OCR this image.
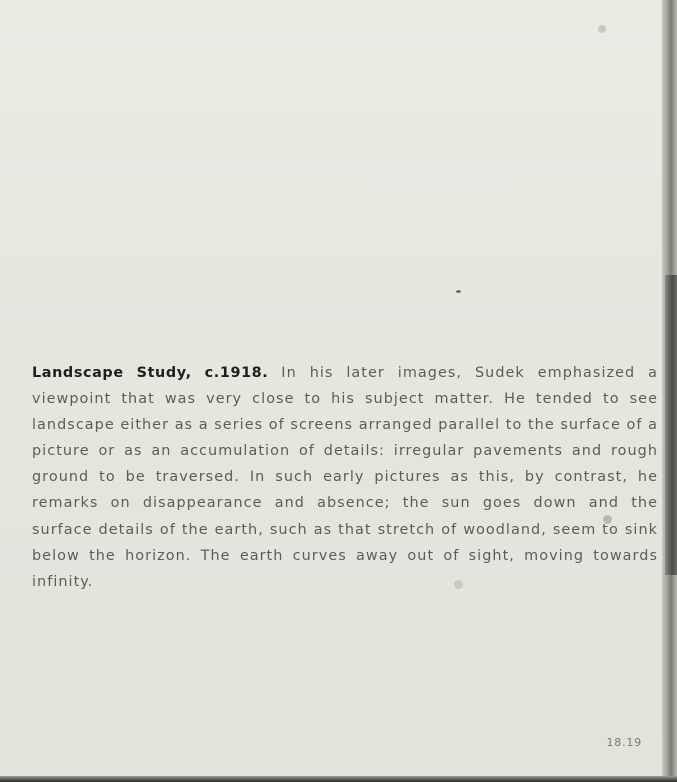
Landscape Study, c.1918. In his later images, Sudek emphasized a viewpoint that was very close to his subject matter. He tended to see landscape either as a series of screens arranged parallel to the surface of a picture or as an accumulation of details: irregular pavements and rough ground to be traversed. In such early pictures as this, by contrast, he remarks on disappearance and absence; the sun goes down and the surface details of the earth, such as that stretch of woodland, seem to sink below the horizon. The earth curves away out of sight, moving towards infinity.

18.19
